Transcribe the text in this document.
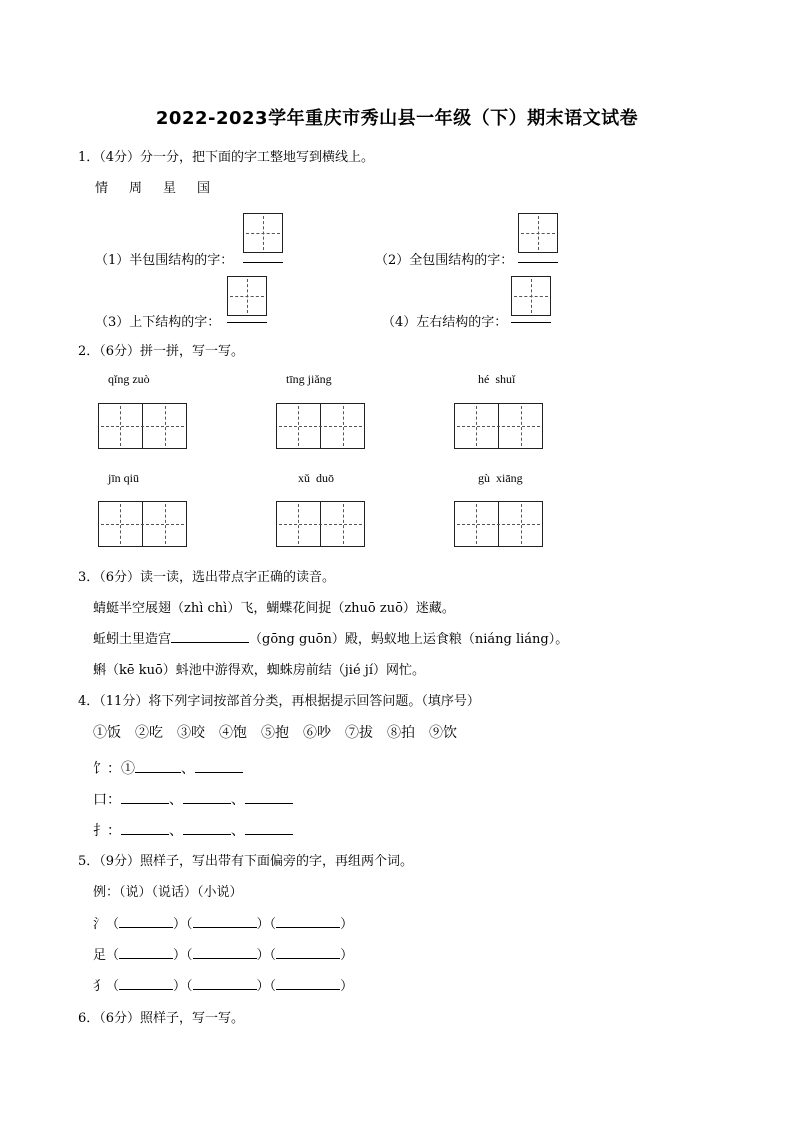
2022-2023学年重庆市秀山县一年级（下）期末语文试卷
1．（4分）分一分，把下面的字工整地写到横线上。
情　周　星　国
（1）半包围结构的字：	（2）全包围结构的字：
（3）上下结构的字：	（4）左右结构的字：
2．（6分）拼一拼，写一写。
qǐng zuò	tīng jiǎng	hé  shuǐ
jīn qiū	xǔ  duō	gù  xiāng
3．（6分）读一读，选出带点字正确的读音。
蜻蜓半空展翅（zhì chì）飞，蝴蝶花间捉（zhuō zuō）迷藏。
蚯蚓土里造宫	（gōng guōn）殿，蚂蚁地上运食粮（niáng liáng）。
蝌（kē kuō）蚪池中游得欢，蜘蛛房前结（jié jí）网忙。
4．（11分）将下列字词按部首分类，再根据提示回答问题。（填序号）
①饭　②吃　③咬　④饱　⑤抱　⑥吵　⑦拔　⑧拍　⑨饮
饣：①	、
口：	、	、
扌：	、	、
5．（9分）照样子，写出带有下面偏旁的字，再组两个词。
例：（说）（说话）（小说）
氵（	）（	）（	）
足（	）（	）（	）
犭（	）（	）（	）
6．（6分）照样子，写一写。
